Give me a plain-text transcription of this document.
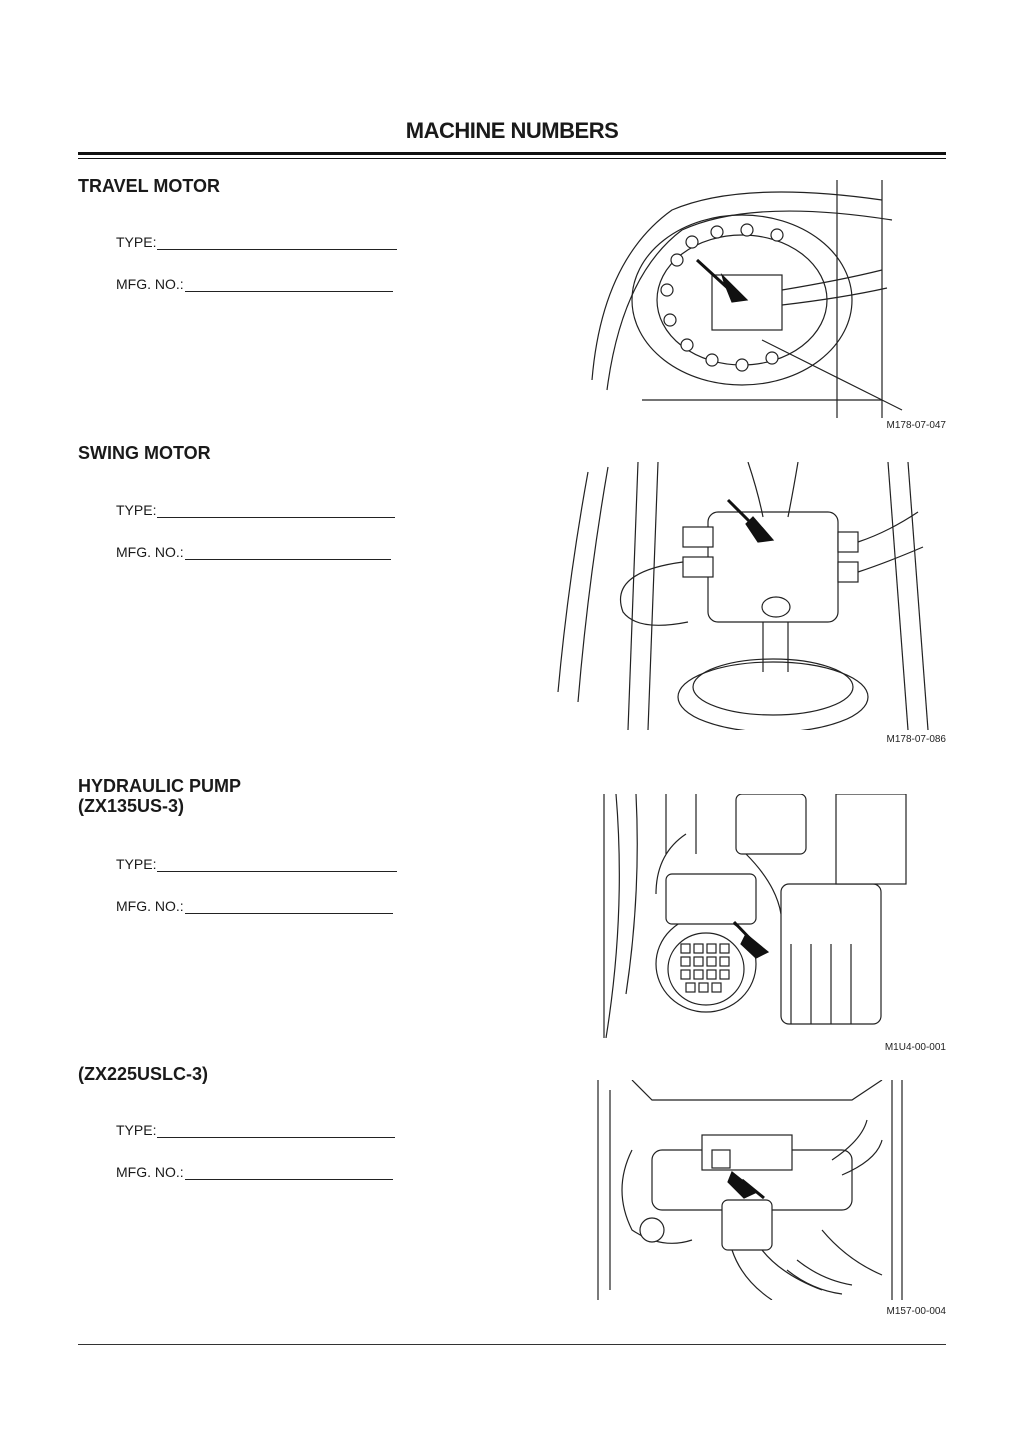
MACHINE NUMBERS
TRAVEL MOTOR
TYPE:
MFG. NO.:
M178-07-047
SWING MOTOR
TYPE:
MFG. NO.:
M178-07-086
HYDRAULIC PUMP
(ZX135US-3)
TYPE:
MFG. NO.:
M1U4-00-001
(ZX225USLC-3)
TYPE:
MFG. NO.:
M157-00-004
